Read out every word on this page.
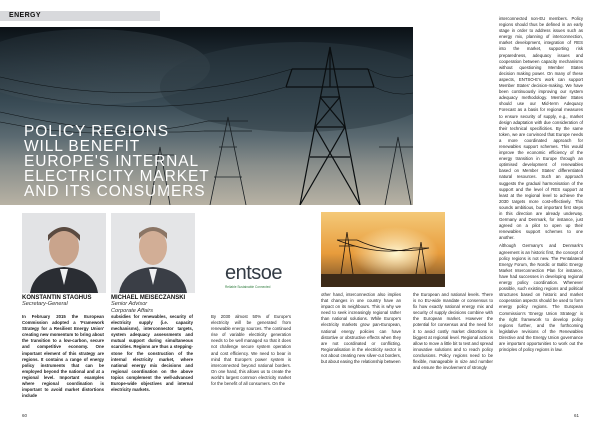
ENERGY
POLICY REGIONS
WILL BENEFIT
EUROPE'S INTERNAL
ELECTRICITY MARKET
AND ITS CONSUMERS
KONSTANTIN STAGHUS
Secretary-General
MICHAEL MEISECZANSKI
Senior Advisor
Corporate Affairs
entsoe
Reliable Sustainable Connected

In February 2015 the European Commission adopted a 'Framework Strategy for a Resilient Energy Union' creating new momentum to bring about the transition to a low-carbon, secure and competitive economy. One important element of this strategy are regions. It contains a range of energy policy instruments that can be employed beyond the national and at a regional level. Important examples where regional coordination is important to avoid market distortions include

subsidies for renewables, security of electricity supply (i.e. capacity mechanisms), interconnector targets, system adequacy assessments and mutual support during simultaneous scarcities. Regions are thus a stepping-stone for the construction of the internal electricity market, where national energy mix decisions and regional coordination on the above topics complement the well-advanced Europe-wide objectives and internal electricity markets.

By 2030 almost 50% of Europe's electricity will be generated from renewable energy sources. The continued rise of variable electricity generation needs to be well managed so that it does not challenge secure system operation and cost efficiency. We need to bear in mind that Europe's power system is interconnected beyond national borders. On one hand, this allows us to create the world's largest common electricity market for the benefit of all consumers. On the

other hand, interconnection also implies that changes in one country have an impact on its neighbours. This is why we need to seek increasingly regional rather than national solutions. While Europe's electricity markets grow pan-European, national energy policies can have distortive or obstructive effects when they are not coordinated or conflicting. Regionalisation in the electricity sector is not about creating new silver-cut borders, but about easing the relationship between

the European and national levels. There is no EU-wide mandate or consensus to fix how exactly national energy mix and security of supply decisions combine with the European market. However the potential for consensus and the need for it to avoid costly market distortions is biggest at regional level. Regional actions allow to move a little bit to test and spread innovative solutions and to reach policy conclusions. Policy regions need to be flexible, manageable in size and number and ensure the involvement of strongly

interconnected non-EU members. Policy regions should thus be defined in an early stage in order to address issues such as energy mix, planning of interconnection, market development, integration of RES into the market, supporting risk preparedness, adequacy issues and cooperation between capacity mechanisms without questioning Member States decision making power. On many of these aspects, ENTSO-E's work can support Member States' decision-making. We have been continuously improving our system adequacy methodology. Member States should use our Mid-term Adequacy Forecast as a basis for regional measures to ensure security of supply, e.g., market design adaptation with due consideration of their technical specificities. By the same token, we are convinced that Europe needs a more coordinated approach for renewables support schemes. This would improve the economic efficiency of the energy transition in Europe through an optimised development of renewables based on Member States' differentiated natural resources. Such an approach suggests the gradual harmonisation of the support and the level of RES support at least at the regional level to achieve the 2030 targets more cost-effectively. This sounds ambitious, but important first steps in this direction are already underway. Germany and Denmark, for instance, just agreed on a pilot to open up their renewables support schemes to one another.

Although Germany's and Denmark's agreement is an historic first, the concept of policy regions is not new. The Pentalateral Energy Forum, the Nordic or Baltic Energy Market Interconnection Plan for instance, have had successes in developing regional energy policy coordination. Whenever possible, such existing regions and political structures based on historic and market cooperation aspects should be used to form energy policy regions. The European Commission's 'Energy Union Strategy' is the right framework to develop policy regions further, and the forthcoming legislative revisions of the Renewables Directive and the Energy Union governance are important opportunities to work out the principles of policy regions in law.

60	61
